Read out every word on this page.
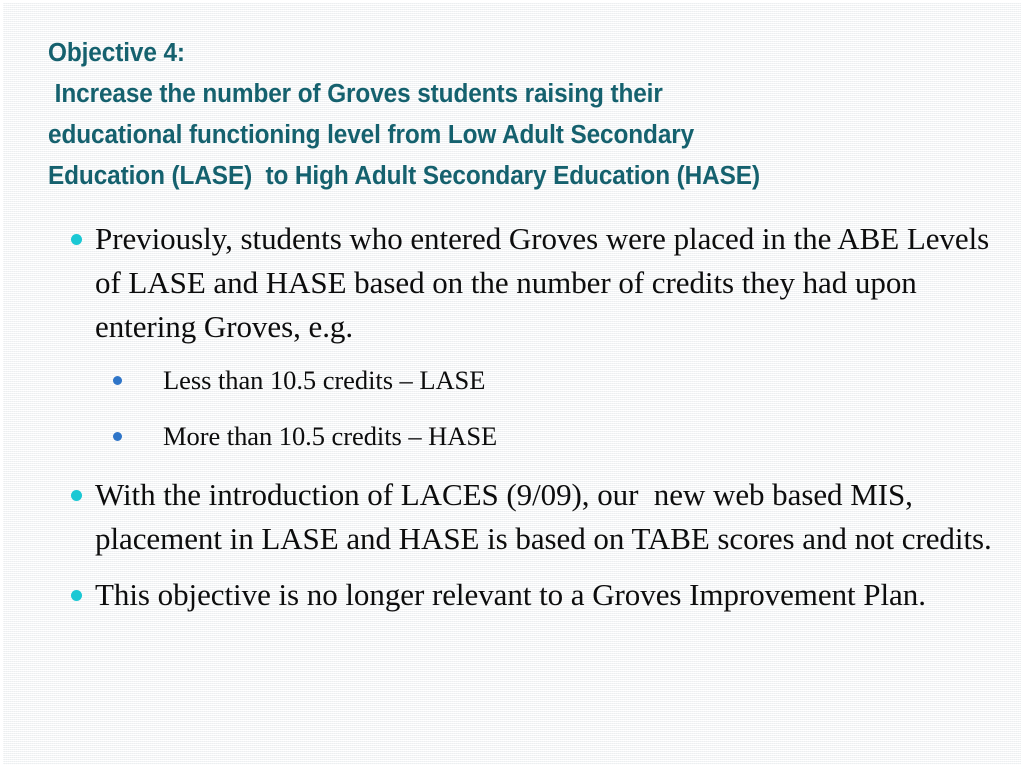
Objective 4:
Increase the number of Groves students raising their
educational functioning level from Low Adult Secondary
Education (LASE)  to High Adult Secondary Education (HASE)
Previously, students who entered Groves were placed in the ABE Levels of LASE and HASE based on the number of credits they had upon entering Groves, e.g.
Less than 10.5 credits – LASE
More than 10.5 credits – HASE
With the introduction of LACES (9/09), our  new web based MIS, placement in LASE and HASE is based on TABE scores and not credits.
This objective is no longer relevant to a Groves Improvement Plan.
